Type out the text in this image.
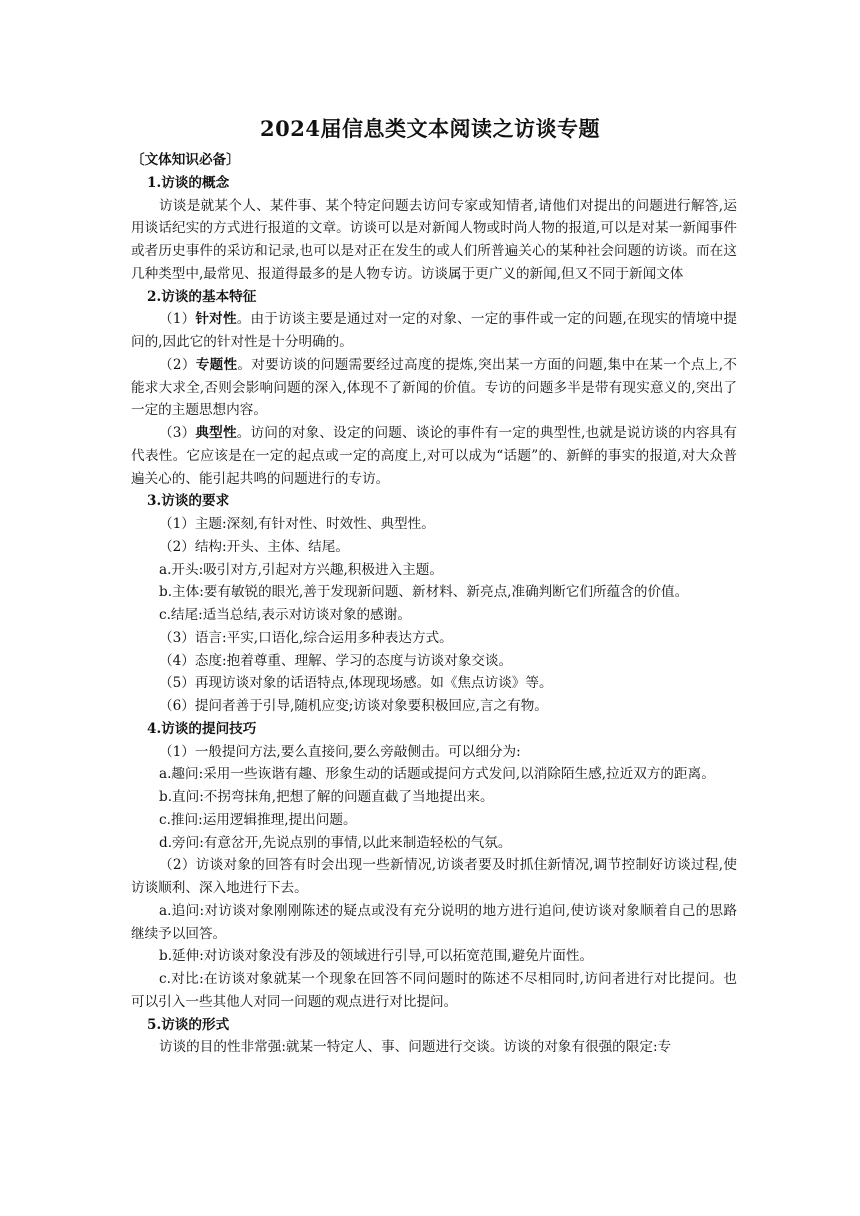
2024届信息类文本阅读之访谈专题

〔文体知识必备〕

1.访谈的概念

访谈是就某个人、某件事、某个特定问题去访问专家或知情者,请他们对提出的问题进行解答,运用谈话纪实的方式进行报道的文章。访谈可以是对新闻人物或时尚人物的报道,可以是对某一新闻事件或者历史事件的采访和记录,也可以是对正在发生的或人们所普遍关心的某种社会问题的访谈。而在这几种类型中,最常见、报道得最多的是人物专访。访谈属于更广义的新闻,但又不同于新闻文体

2.访谈的基本特征

（1）针对性。由于访谈主要是通过对一定的对象、一定的事件或一定的问题,在现实的情境中提问的,因此它的针对性是十分明确的。

（2）专题性。对要访谈的问题需要经过高度的提炼,突出某一方面的问题,集中在某一个点上,不能求大求全,否则会影响问题的深入,体现不了新闻的价值。专访的问题多半是带有现实意义的,突出了一定的主题思想内容。

（3）典型性。访问的对象、设定的问题、谈论的事件有一定的典型性,也就是说访谈的内容具有代表性。它应该是在一定的起点或一定的高度上,对可以成为“话题”的、新鲜的事实的报道,对大众普遍关心的、能引起共鸣的问题进行的专访。

3.访谈的要求

（1）主题:深刻,有针对性、时效性、典型性。

（2）结构:开头、主体、结尾。

a.开头:吸引对方,引起对方兴趣,积极进入主题。

b.主体:要有敏锐的眼光,善于发现新问题、新材料、新亮点,准确判断它们所蕴含的价值。

c.结尾:适当总结,表示对访谈对象的感谢。

（3）语言:平实,口语化,综合运用多种表达方式。

（4）态度:抱着尊重、理解、学习的态度与访谈对象交谈。

（5）再现访谈对象的话语特点,体现现场感。如《焦点访谈》等。

（6）提问者善于引导,随机应变;访谈对象要积极回应,言之有物。

4.访谈的提问技巧

（1）一般提问方法,要么直接问,要么旁敲侧击。可以细分为:

a.趣问:采用一些诙谐有趣、形象生动的话题或提问方式发问,以消除陌生感,拉近双方的距离。

b.直问:不拐弯抹角,把想了解的问题直截了当地提出来。

c.推问:运用逻辑推理,提出问题。

d.旁问:有意岔开,先说点别的事情,以此来制造轻松的气氛。

（2）访谈对象的回答有时会出现一些新情况,访谈者要及时抓住新情况,调节控制好访谈过程,使访谈顺利、深入地进行下去。

a.追问:对访谈对象刚刚陈述的疑点或没有充分说明的地方进行追问,使访谈对象顺着自己的思路继续予以回答。

b.延伸:对访谈对象没有涉及的领域进行引导,可以拓宽范围,避免片面性。

c.对比:在访谈对象就某一个现象在回答不同问题时的陈述不尽相同时,访问者进行对比提问。也可以引入一些其他人对同一问题的观点进行对比提问。

5.访谈的形式

访谈的目的性非常强:就某一特定人、事、问题进行交谈。访谈的对象有很强的限定:专
